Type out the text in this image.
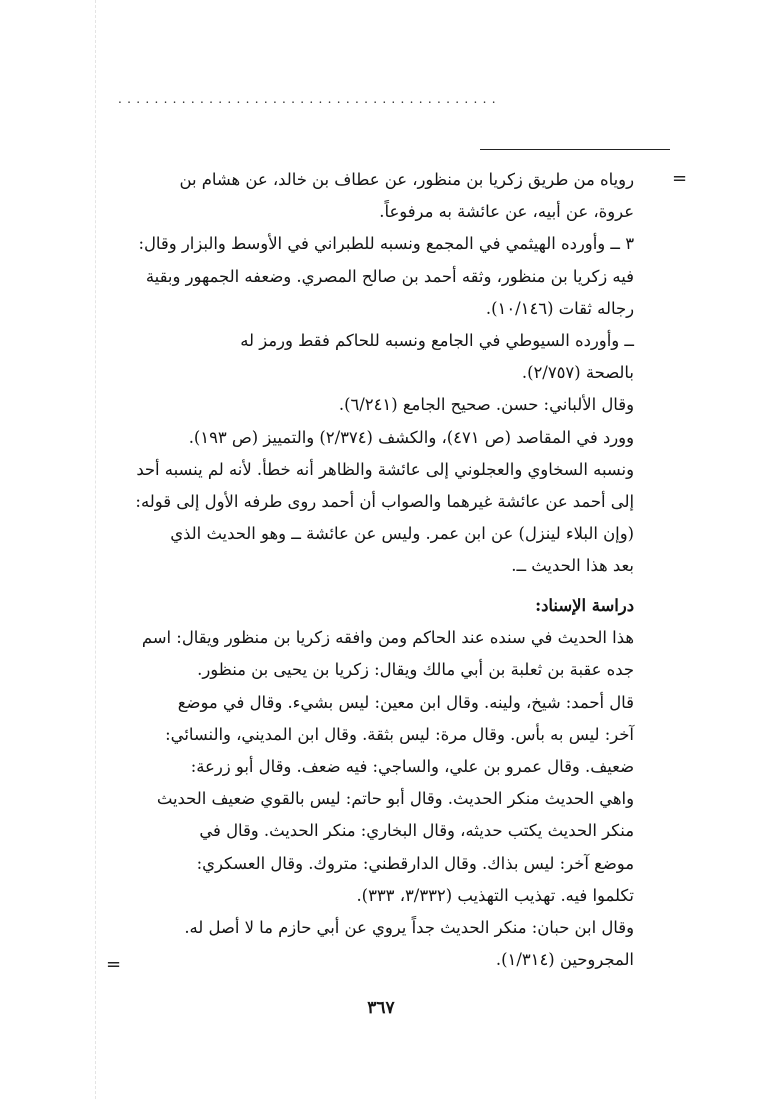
..........................................
=

روياه من طريق زكريا بن منظور، عن عطاف بن خالد، عن هشام بن

عروة، عن أبيه، عن عائشة به مرفوعاً.

٣ ــ وأورده الهيثمي في المجمع ونسبه للطبراني في الأوسط والبزار وقال:

فيه زكريا بن منظور، وثقه أحمد بن صالح المصري. وضعفه الجمهور وبقية

رجاله ثقات (١٠/١٤٦).

ــ وأورده السيوطي في الجامع ونسبه للحاكم فقط ورمز له

بالصحة (٢/٧٥٧).

وقال الألباني: حسن. صحيح الجامع (٦/٢٤١).

وورد في المقاصد (ص ٤٧١)، والكشف (٢/٣٧٤) والتمييز (ص ١٩٣).

ونسبه السخاوي والعجلوني إلى عائشة والظاهر أنه خطأ. لأنه لم ينسبه أحد

إلى أحمد عن عائشة غيرهما والصواب أن أحمد روى طرفه الأول إلى قوله:

(وإن البلاء لينزل) عن ابن عمر. وليس عن عائشة ــ وهو الحديث الذي

بعد هذا الحديث ــ.

دراسة الإسناد:

هذا الحديث في سنده عند الحاكم ومن وافقه زكريا بن منظور ويقال: اسم

جده عقبة بن ثعلبة بن أبي مالك ويقال: زكريا بن يحيى بن منظور.

قال أحمد: شيخ، ولينه. وقال ابن معين: ليس بشيء. وقال في موضع

آخر: ليس به بأس. وقال مرة: ليس بثقة. وقال ابن المديني، والنسائي:

ضعيف. وقال عمرو بن علي، والساجي: فيه ضعف. وقال أبو زرعة:

واهي الحديث منكر الحديث. وقال أبو حاتم: ليس بالقوي ضعيف الحديث

منكر الحديث يكتب حديثه، وقال البخاري: منكر الحديث. وقال في

موضع آخر: ليس بذاك. وقال الدارقطني: متروك. وقال العسكري:

تكلموا فيه. تهذيب التهذيب (٣/٣٣٢، ٣٣٣).

وقال ابن حبان: منكر الحديث جداً يروي عن أبي حازم ما لا أصل له.

المجروحين (١/٣١٤).

=
٣٦٧
